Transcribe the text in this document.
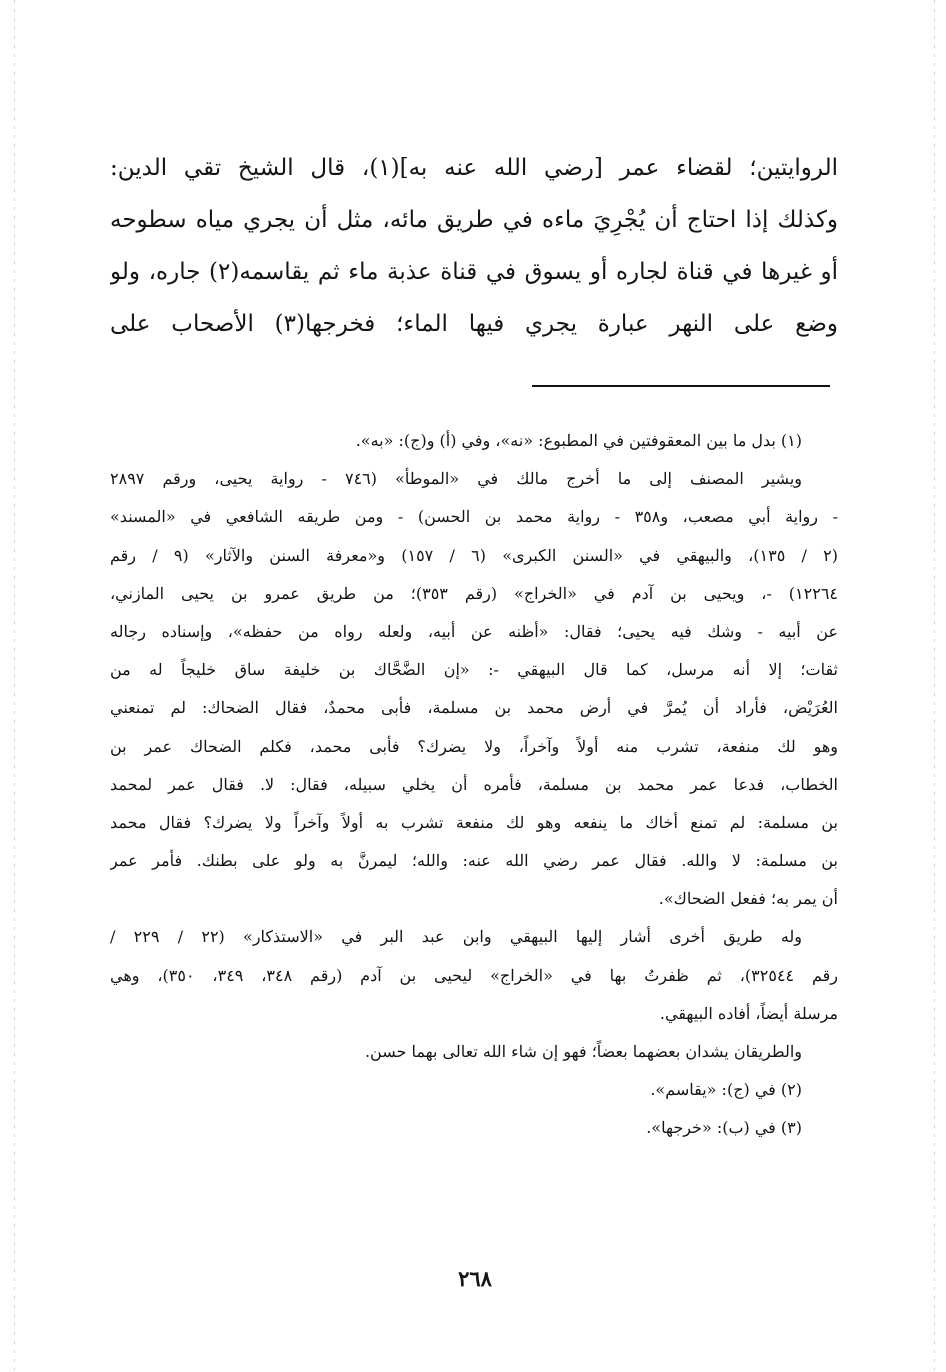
الروايتين؛ لقضاء عمر [رضي الله عنه به](١)، قال الشيخ تقي الدين:
وكذلك إذا احتاج أن يُجْرِيَ ماءه في طريق مائه، مثل أن يجري مياه سطوحه
أو غيرها في قناة لجاره أو يسوق في قناة عذبة ماء ثم يقاسمه(٢) جاره، ولو
وضع على النهر عبارة يجري فيها الماء؛ فخرجها(٣) الأصحاب على
(١) بدل ما بين المعقوفتين في المطبوع: «نه»، وفي (أ) و(ج): «به».
ويشير المصنف إلى ما أخرج مالك في «الموطأ» (٧٤٦ - رواية يحيى، ورقم ٢٨٩٧
- رواية أبي مصعب، و٣٥٨ - رواية محمد بن الحسن) - ومن طريقه الشافعي في «المسند»
(٢ / ١٣٥)، والبيهقي في «السنن الكبرى» (٦ / ١٥٧) و«معرفة السنن والآثار» (٩ / رقم
١٢٢٦٤) -، ويحيى بن آدم في «الخراج» (رقم ٣٥٣)؛ من طريق عمرو بن يحيى المازني،
عن أبيه - وشك فيه يحيى؛ فقال: «أظنه عن أبيه، ولعله رواه من حفظه»، وإسناده رجاله
ثقات؛ إلا أنه مرسل، كما قال البيهقي -: «إن الضَّحَّاك بن خليفة ساق خليجاً له من
العُرَيْض، فأراد أن يُمرَّ في أرض محمد بن مسلمة، فأبى محمدٌ، فقال الضحاك: لم تمنعني
وهو لك منفعة، تشرب منه أولاً وآخراً، ولا يضرك؟ فأبى محمد، فكلم الضحاك عمر بن
الخطاب، فدعا عمر محمد بن مسلمة، فأمره أن يخلي سبيله، فقال: لا. فقال عمر لمحمد
بن مسلمة: لم تمنع أخاك ما ينفعه وهو لك منفعة تشرب به أولاً وآخراً ولا يضرك؟ فقال محمد
بن مسلمة: لا والله. فقال عمر رضي الله عنه: والله؛ ليمرنَّ به ولو على بطنك. فأمر عمر
أن يمر به؛ ففعل الضحاك».
وله طريق أخرى أشار إليها البيهقي وابن عبد البر في «الاستذكار» (٢٢ / ٢٢٩ /
رقم ٣٢٥٤٤)، ثم ظفرتُ بها في «الخراج» ليحيى بن آدم (رقم ٣٤٨، ٣٤٩، ٣٥٠)، وهي
مرسلة أيضاً، أفاده البيهقي.
والطريقان يشدان بعضهما بعضاً؛ فهو إن شاء الله تعالى بهما حسن.
(٢) في (ج): «يقاسم».
(٣) في (ب): «خرجها».
٢٦٨
